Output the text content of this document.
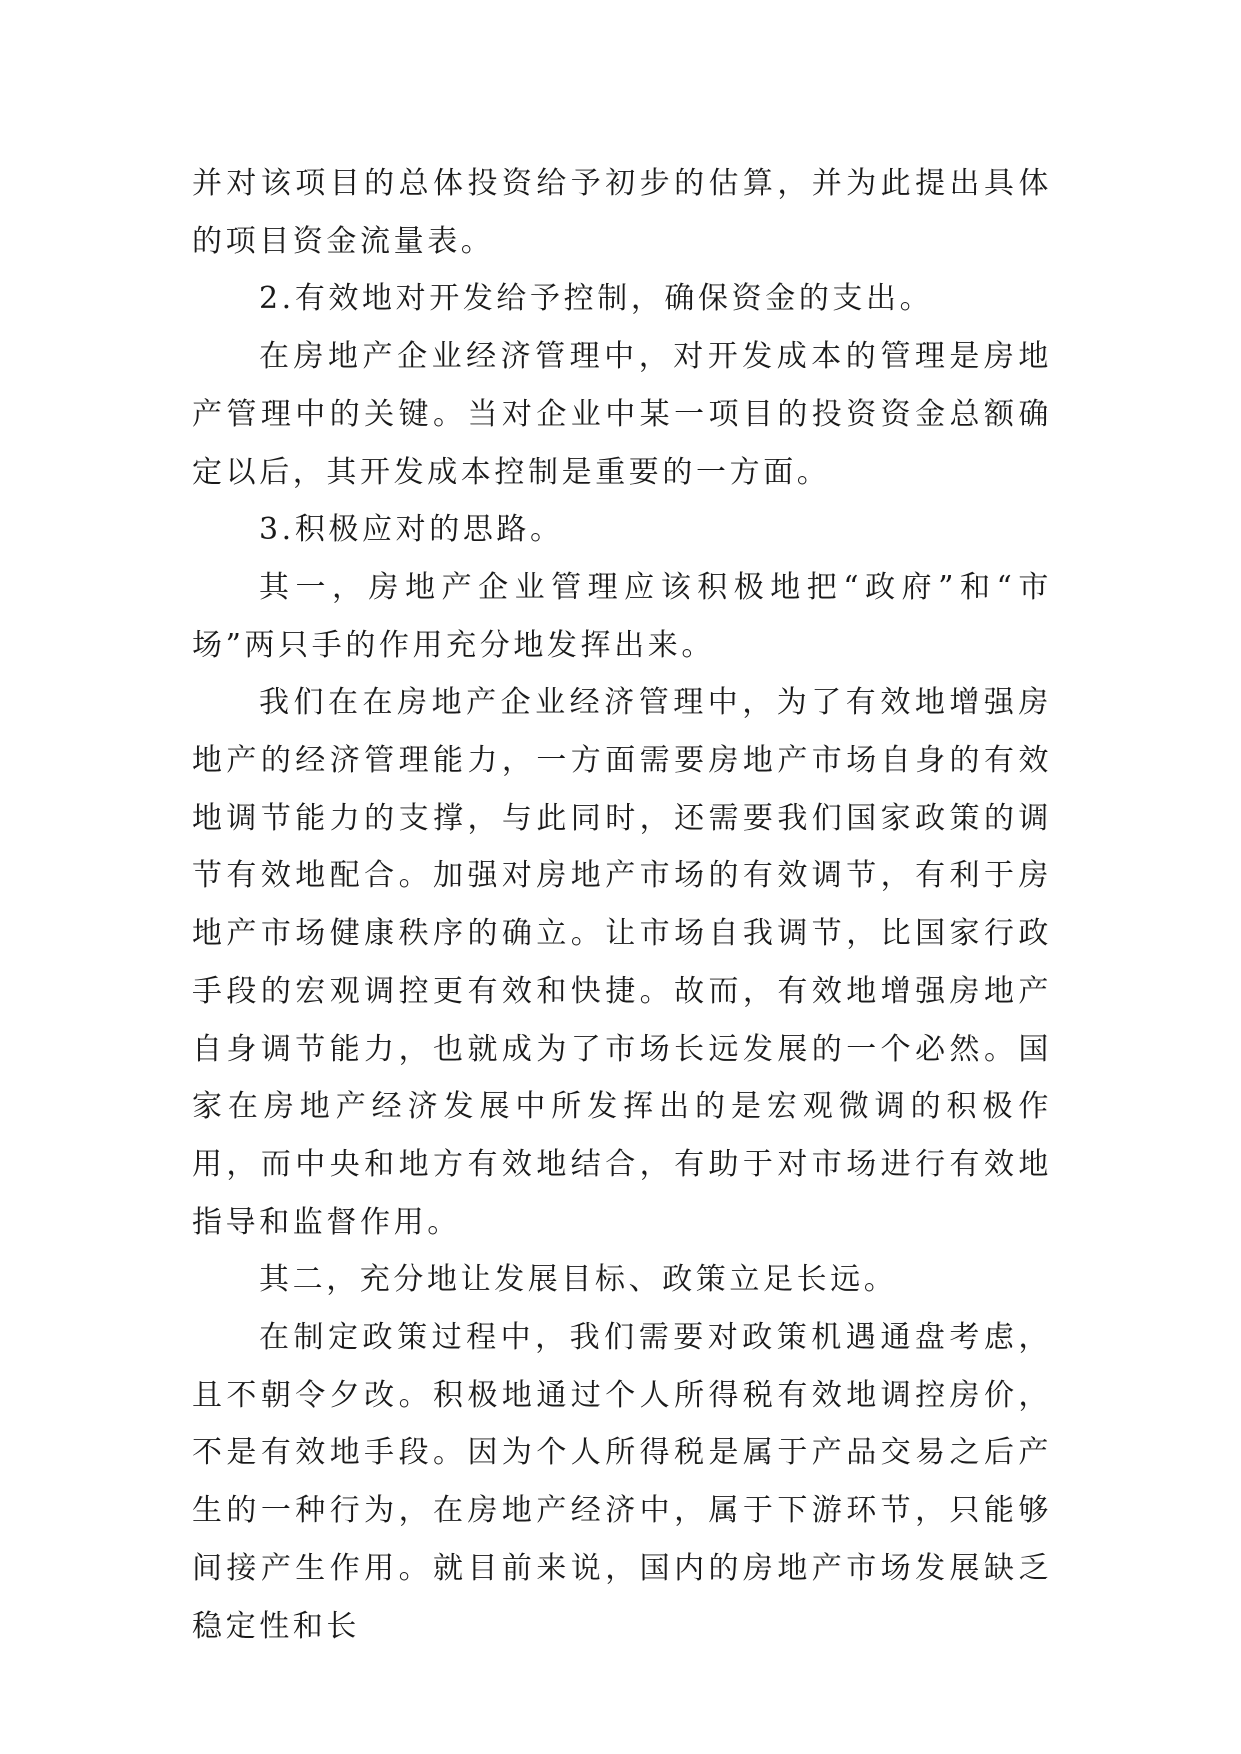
并对该项目的总体投资给予初步的估算，并为此提出具体的项目资金流量表。

2.有效地对开发给予控制，确保资金的支出。

在房地产企业经济管理中，对开发成本的管理是房地产管理中的关键。当对企业中某一项目的投资资金总额确定以后，其开发成本控制是重要的一方面。

3.积极应对的思路。

其一，房地产企业管理应该积极地把“政府”和“市场”两只手的作用充分地发挥出来。

我们在在房地产企业经济管理中，为了有效地增强房地产的经济管理能力，一方面需要房地产市场自身的有效地调节能力的支撑，与此同时，还需要我们国家政策的调节有效地配合。加强对房地产市场的有效调节，有利于房地产市场健康秩序的确立。让市场自我调节，比国家行政手段的宏观调控更有效和快捷。故而，有效地增强房地产自身调节能力，也就成为了市场长远发展的一个必然。国家在房地产经济发展中所发挥出的是宏观微调的积极作用，而中央和地方有效地结合，有助于对市场进行有效地指导和监督作用。

其二，充分地让发展目标、政策立足长远。

在制定政策过程中，我们需要对政策机遇通盘考虑，且不朝令夕改。积极地通过个人所得税有效地调控房价，不是有效地手段。因为个人所得税是属于产品交易之后产生的一种行为，在房地产经济中，属于下游环节，只能够间接产生作用。就目前来说，国内的房地产市场发展缺乏稳定性和长
